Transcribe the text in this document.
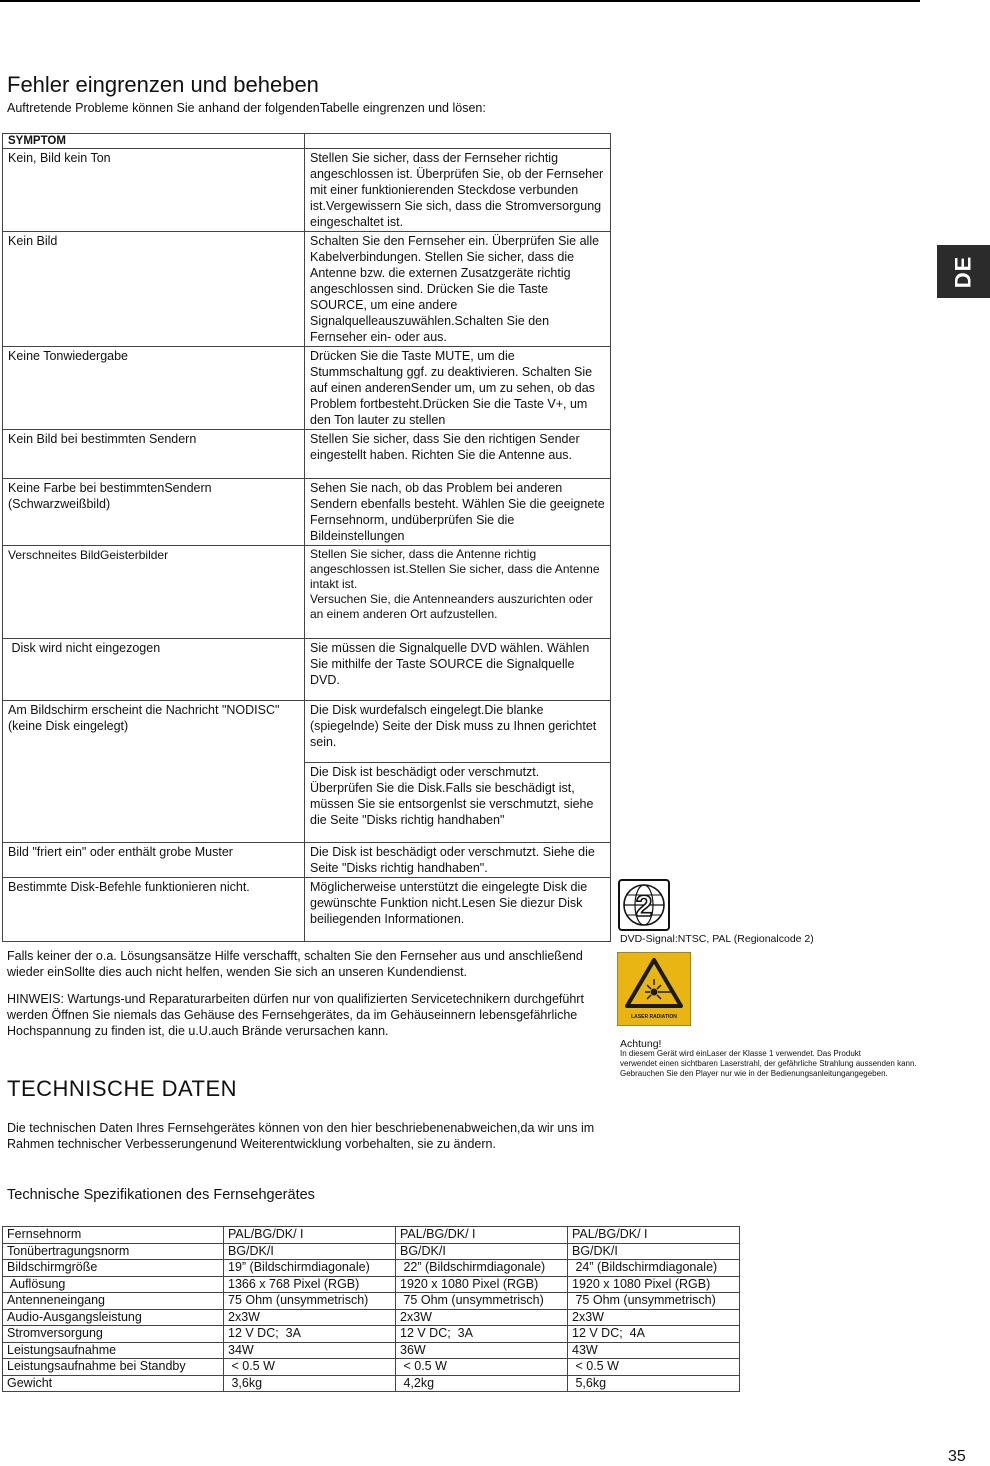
Fehler eingrenzen und beheben
Auftretende Probleme können Sie anhand der folgendenTabelle eingrenzen und lösen:
SYMPTOM	
Kein, Bild kein Ton	Stellen Sie sicher, dass der Fernseher richtig angeschlossen ist. Überprüfen Sie, ob der Fernseher mit einer funktionierenden Steckdose verbunden ist.Vergewissern Sie sich, dass die Stromversorgung eingeschaltet ist.
Kein Bild	Schalten Sie den Fernseher ein. Überprüfen Sie alle Kabelverbindungen. Stellen Sie sicher, dass die Antenne bzw. die externen Zusatzgeräte richtig angeschlossen sind. Drücken Sie die Taste SOURCE, um eine andere Signalquelleauszuwählen.Schalten Sie den Fernseher ein- oder aus.
Keine Tonwiedergabe	Drücken Sie die Taste MUTE, um die Stummschaltung ggf. zu deaktivieren. Schalten Sie auf einen anderenSender um, um zu sehen, ob das Problem fortbesteht.Drücken Sie die Taste V+, um den Ton lauter zu stellen
Kein Bild bei bestimmten Sendern	Stellen Sie sicher, dass Sie den richtigen Sender eingestellt haben. Richten Sie die Antenne aus.
Keine Farbe bei bestimmtenSendern (Schwarzweißbild)	Sehen Sie nach, ob das Problem bei anderen Sendern ebenfalls besteht. Wählen Sie die geeignete Fernsehnorm, undüberprüfen Sie die Bildeinstellungen
Verschneites BildGeisterbilder	Stellen Sie sicher, dass die Antenne richtig angeschlossen ist.Stellen Sie sicher, dass die Antenne intakt ist.
Versuchen Sie, die Antenneanders auszurichten oder an einem anderen Ort aufzustellen.
Disk wird nicht eingezogen	Sie müssen die Signalquelle DVD wählen. Wählen Sie mithilfe der Taste SOURCE die Signalquelle DVD.
Am Bildschirm erscheint die Nachricht "NODISC" (keine Disk eingelegt)	Die Disk wurdefalsch eingelegt.Die blanke (spiegelnde) Seite der Disk muss zu Ihnen gerichtet sein.
	Die Disk ist beschädigt oder verschmutzt. Überprüfen Sie die Disk.Falls sie beschädigt ist, müssen Sie sie entsorgenlst sie verschmutzt, siehe die Seite "Disks richtig handhaben"
Bild "friert ein" oder enthält grobe Muster	Die Disk ist beschädigt oder verschmutzt. Siehe die Seite "Disks richtig handhaben".
Bestimmte Disk-Befehle funktionieren nicht.	Möglicherweise unterstützt die eingelegte Disk die gewünschte Funktion nicht.Lesen Sie diezur Disk beiliegenden Informationen.
Falls keiner der o.a. Lösungsansätze Hilfe verschafft, schalten Sie den Fernseher aus und anschließend wieder einSollte dies auch nicht helfen, wenden Sie sich an unseren Kundendienst.
HINWEIS: Wartungs-und Reparaturarbeiten dürfen nur von qualifizierten Servicetechnikern durchgeführt werden Öffnen Sie niemals das Gehäuse des Fernsehgerätes, da im Gehäuseinnern lebensgefährliche Hochspannung zu finden ist, die u.U.auch Brände verursachen kann.
DE
2
DVD-Signal:NTSC, PAL (Regionalcode 2)
LASER RADIATION
Achtung!
In diesem Gerät wird einLaser der Klasse 1 verwendet. Das Produkt
verwendet einen sichtbaren Laserstrahl, der gefährliche Strahlung aussenden kann.
Gebrauchen Sie den Player nur wie in der Bedienungsanleitungangegeben.
TECHNISCHE DATEN
Die technischen Daten Ihres Fernsehgerätes können von den hier beschriebenenabweichen,da wir uns im Rahmen technischer Verbesserungenund Weiterentwicklung vorbehalten, sie zu ändern.
Technische Spezifikationen des Fernsehgerätes
Fernsehnorm	PAL/BG/DK/ I	PAL/BG/DK/ I	PAL/BG/DK/ I
Tonübertragungsnorm	BG/DK/I	BG/DK/I	BG/DK/I
Bildschirmgröße	19” (Bildschirmdiagonale)	22” (Bildschirmdiagonale)	24” (Bildschirmdiagonale)
Auflösung	1366 x 768 Pixel (RGB)	1920 x 1080 Pixel (RGB)	1920 x 1080 Pixel (RGB)
Antenneneingang	75 Ohm (unsymmetrisch)	75 Ohm (unsymmetrisch)	75 Ohm (unsymmetrisch)
Audio-Ausgangsleistung	2x3W	2x3W	2x3W
Stromversorgung	12 V DC;  3A	12 V DC;  3A	12 V DC;  4A
Leistungsaufnahme	34W	36W	43W
Leistungsaufnahme bei Standby	< 0.5 W	< 0.5 W	< 0.5 W
Gewicht	3,6kg	4,2kg	5,6kg
35
